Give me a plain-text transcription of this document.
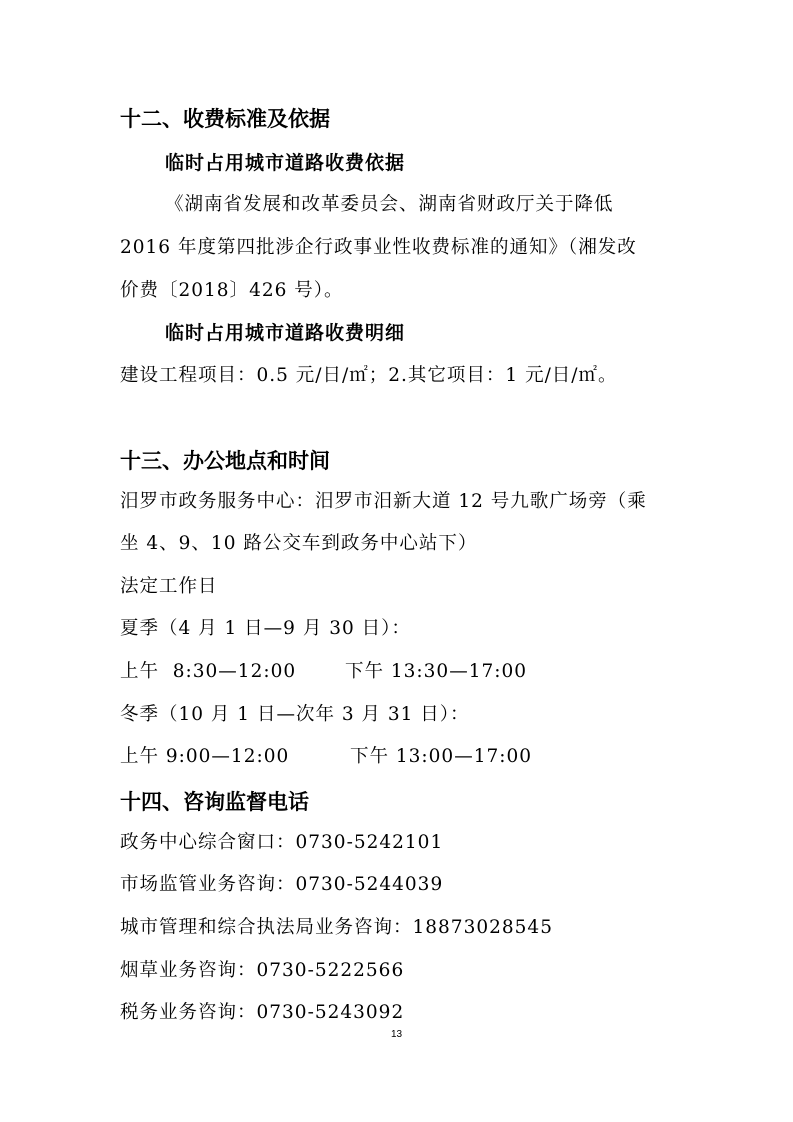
十二、收费标准及依据
临时占用城市道路收费依据
《湖南省发展和改革委员会、湖南省财政厅关于降低
2016 年度第四批涉企行政事业性收费标准的通知》（湘发改
价费〔2018〕426 号）。
临时占用城市道路收费明细
建设工程项目：0.5 元/日/㎡；2.其它项目：1 元/日/㎡。
十三、办公地点和时间
汨罗市政务服务中心：汨罗市汨新大道 12 号九歌广场旁（乘
坐 4、9、10 路公交车到政务中心站下）
法定工作日
夏季（4 月 1 日—9 月 30 日）：
上午  8:30—12:00	下午 13:30—17:00
冬季（10 月 1 日—次年 3 月 31 日）：
上午 9:00—12:00	下午 13:00—17:00
十四、咨询监督电话
政务中心综合窗口：0730-5242101
市场监管业务咨询：0730-5244039
城市管理和综合执法局业务咨询：18873028545
烟草业务咨询：0730-5222566
税务业务咨询：0730-5243092
13
